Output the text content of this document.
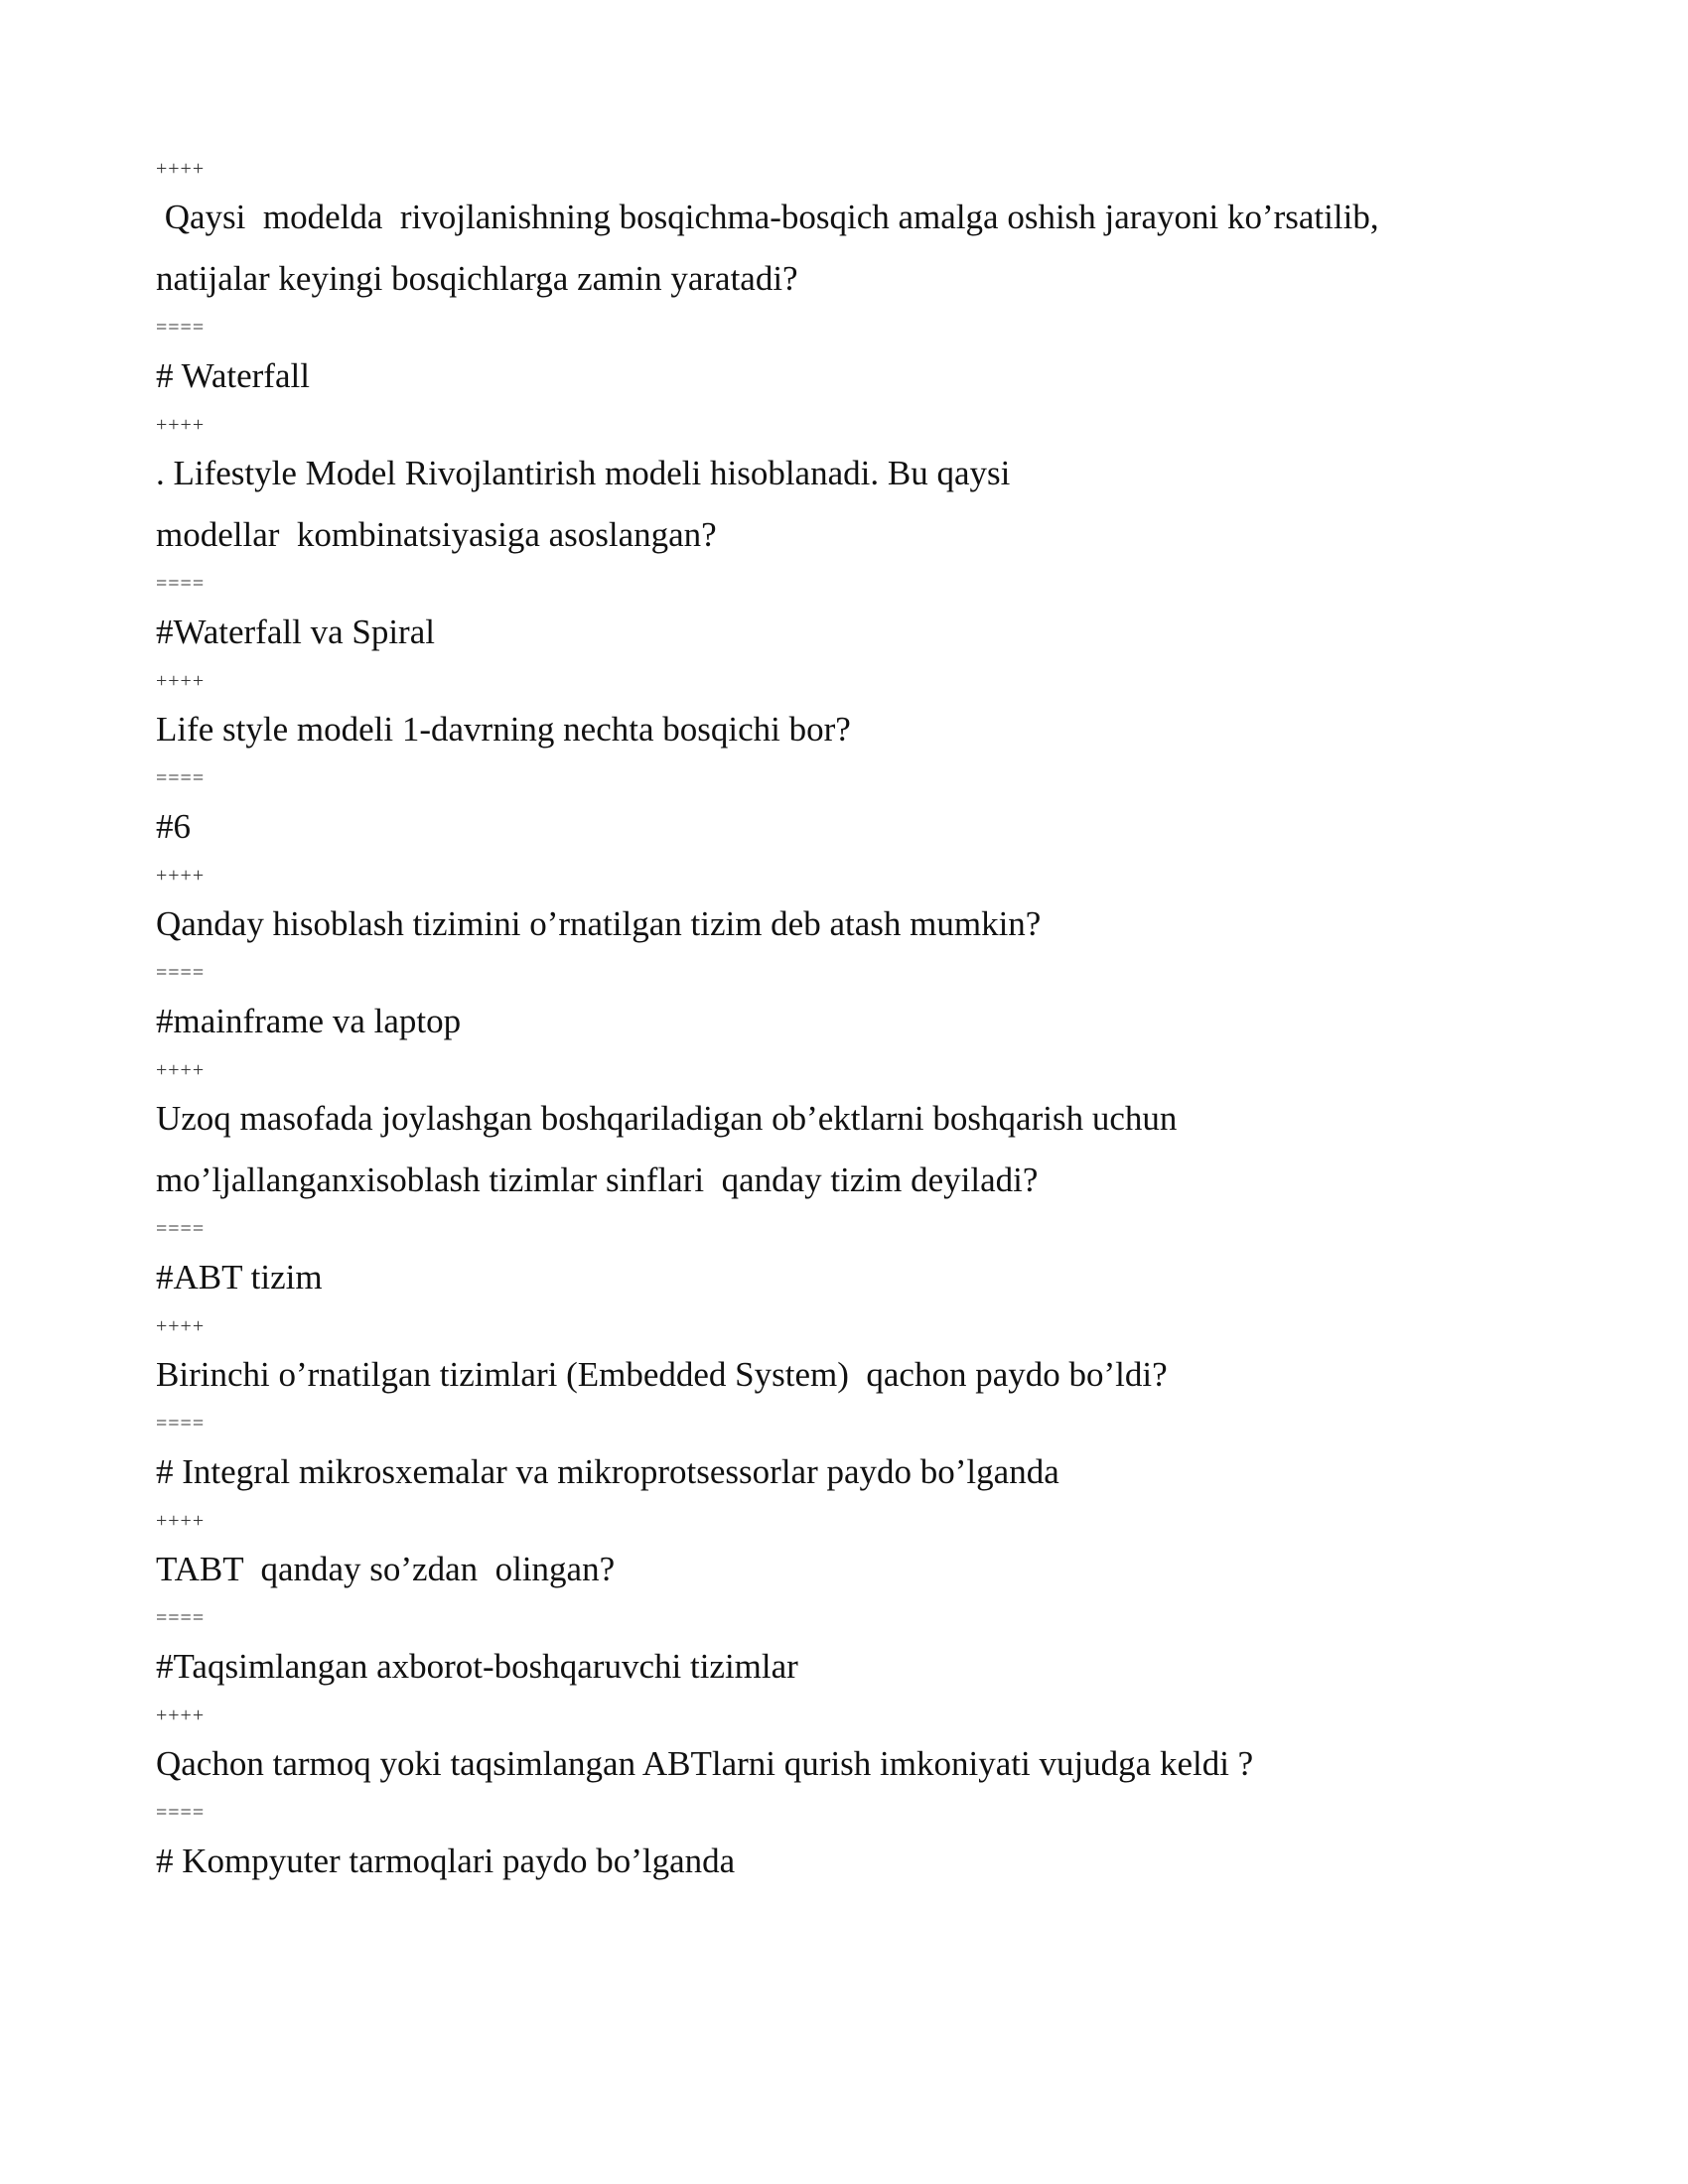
++++
Qaysi  modelda  rivojlanishning bosqichma-bosqich amalga oshish jarayoni ko’rsatilib,
natijalar keyingi bosqichlarga zamin yaratadi?
====
# Waterfall
++++
. Lifestyle Model Rivojlantirish modeli hisoblanadi. Bu qaysi
modellar  kombinatsiyasiga asoslangan?
====
#Waterfall va Spiral
++++
Life style modeli 1-davrning nechta bosqichi bor?
====
#6
++++
Qanday hisoblash tizimini o’rnatilgan tizim deb atash mumkin?
====
#mainframe va laptop
++++
Uzoq masofada joylashgan boshqariladigan ob’ektlarni boshqarish uchun
mo’ljallanganxisoblash tizimlar sinflari  qanday tizim deyiladi?
====
#ABT tizim
++++
Birinchi o’rnatilgan tizimlari (Embedded System)  qachon paydo bo’ldi?
====
# Integral mikrosxemalar va mikroprotsessorlar paydo bo’lganda
++++
TABT  qanday so’zdan  olingan?
====
#Taqsimlangan axborot-boshqaruvchi tizimlar
++++
Qachon tarmoq yoki taqsimlangan ABTlarni qurish imkoniyati vujudga keldi ?
====
# Kompyuter tarmoqlari paydo bo’lganda
